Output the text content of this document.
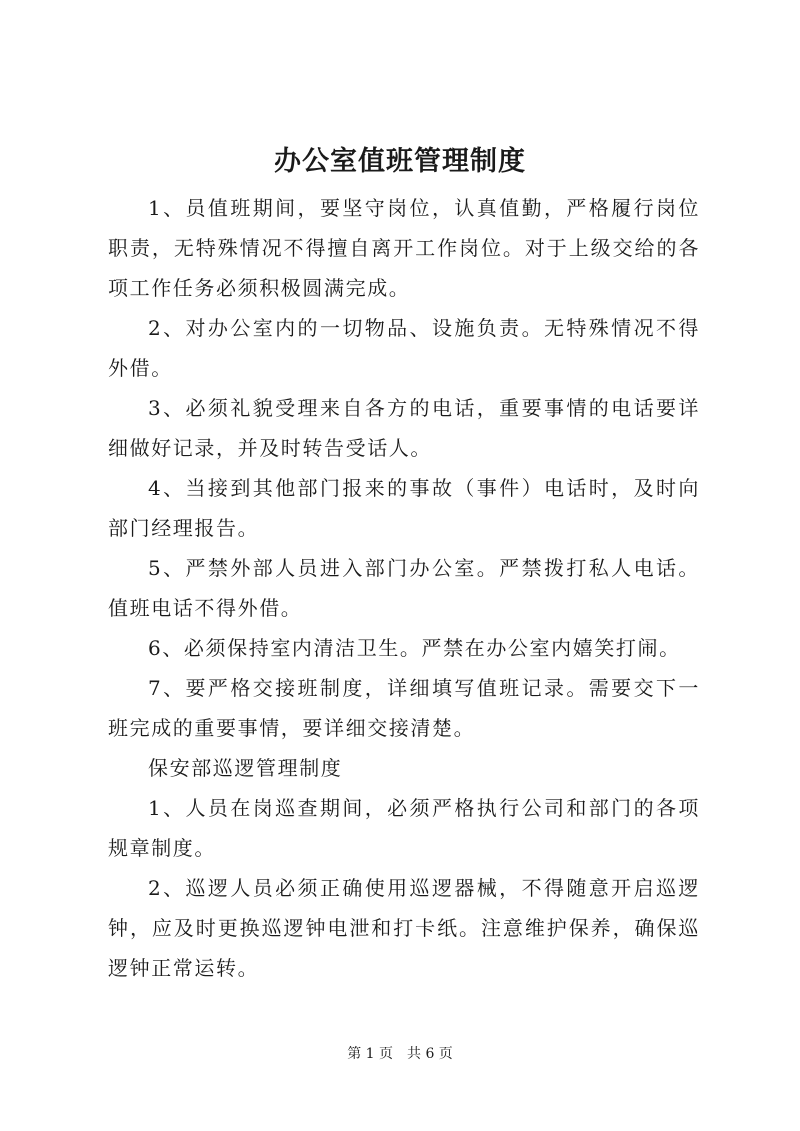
办公室值班管理制度

1、员值班期间，要坚守岗位，认真值勤，严格履行岗位职责，无特殊情况不得擅自离开工作岗位。对于上级交给的各项工作任务必须积极圆满完成。

2、对办公室内的一切物品、设施负责。无特殊情况不得外借。

3、必须礼貌受理来自各方的电话，重要事情的电话要详细做好记录，并及时转告受话人。

4、当接到其他部门报来的事故（事件）电话时，及时向部门经理报告。

5、严禁外部人员进入部门办公室。严禁拨打私人电话。值班电话不得外借。

6、必须保持室内清洁卫生。严禁在办公室内嬉笑打闹。

7、要严格交接班制度，详细填写值班记录。需要交下一班完成的重要事情，要详细交接清楚。

保安部巡逻管理制度

1、人员在岗巡查期间，必须严格执行公司和部门的各项规章制度。

2、巡逻人员必须正确使用巡逻器械，不得随意开启巡逻钟，应及时更换巡逻钟电泄和打卡纸。注意维护保养，确保巡逻钟正常运转。

第 1 页 共 6 页
